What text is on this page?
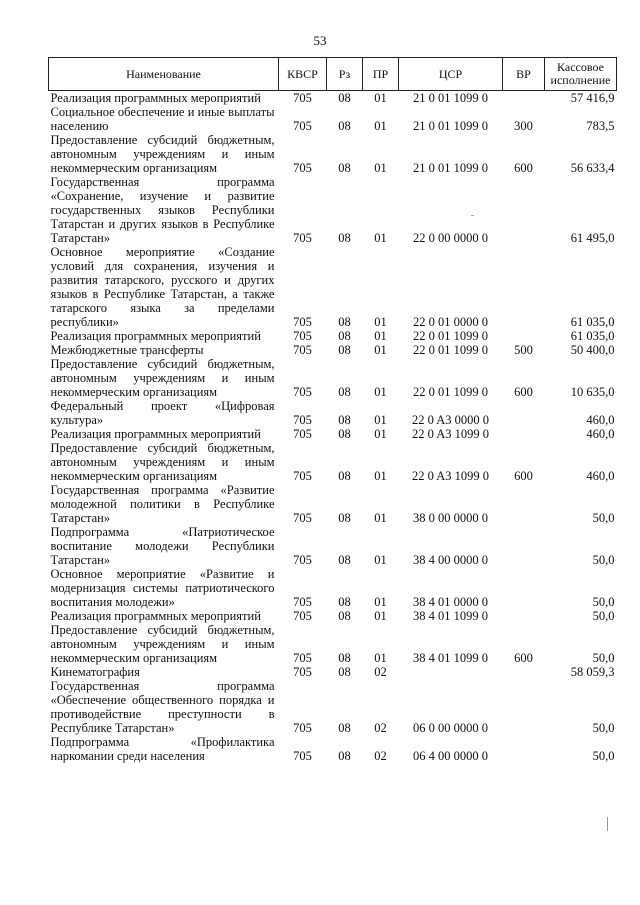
53
Наименование	КВСР	Рз	ПР	ЦСР	ВР	Кассовое исполнение
Реализация программных мероприятий	705	08	01	21 0 01 1099 0		57 416,9
Социальное обеспечение и иные выплаты населению	705	08	01	21 0 01 1099 0	300	783,5
Предоставление субсидий бюджетным, автономным учреждениям и иным некоммерческим организациям	705	08	01	21 0 01 1099 0	600	56 633,4
Государственная программа «Сохранение, изучение и развитие государственных языков Республики Татарстан и других языков в Республике Татарстан»	705	08	01	22 0 00 0000 0		61 495,0
Основное мероприятие «Создание условий для сохранения, изучения и развития татарского, русского и других языков в Республике Татарстан, а также татарского языка за пределами республики»	705	08	01	22 0 01 0000 0		61 035,0
Реализация программных мероприятий	705	08	01	22 0 01 1099 0		61 035,0
Межбюджетные трансферты	705	08	01	22 0 01 1099 0	500	50 400,0
Предоставление субсидий бюджетным, автономным учреждениям и иным некоммерческим организациям	705	08	01	22 0 01 1099 0	600	10 635,0
Федеральный проект «Цифровая культура»	705	08	01	22 0 A3 0000 0		460,0
Реализация программных мероприятий	705	08	01	22 0 A3 1099 0		460,0
Предоставление субсидий бюджетным, автономным учреждениям и иным некоммерческим организациям	705	08	01	22 0 A3 1099 0	600	460,0
Государственная программа «Развитие молодежной политики в Республике Татарстан»	705	08	01	38 0 00 0000 0		50,0
Подпрограмма «Патриотическое воспитание молодежи Республики Татарстан»	705	08	01	38 4 00 0000 0		50,0
Основное мероприятие «Развитие и модернизация системы патриотического воспитания молодежи»	705	08	01	38 4 01 0000 0		50,0
Реализация программных мероприятий	705	08	01	38 4 01 1099 0		50,0
Предоставление субсидий бюджетным, автономным учреждениям и иным некоммерческим организациям	705	08	01	38 4 01 1099 0	600	50,0
Кинематография	705	08	02			58 059,3
Государственная программа «Обеспечение общественного порядка и противодействие преступности в Республике Татарстан»	705	08	02	06 0 00 0000 0		50,0
Подпрограмма «Профилактика наркомании среди населения	705	08	02	06 4 00 0000 0		50,0
